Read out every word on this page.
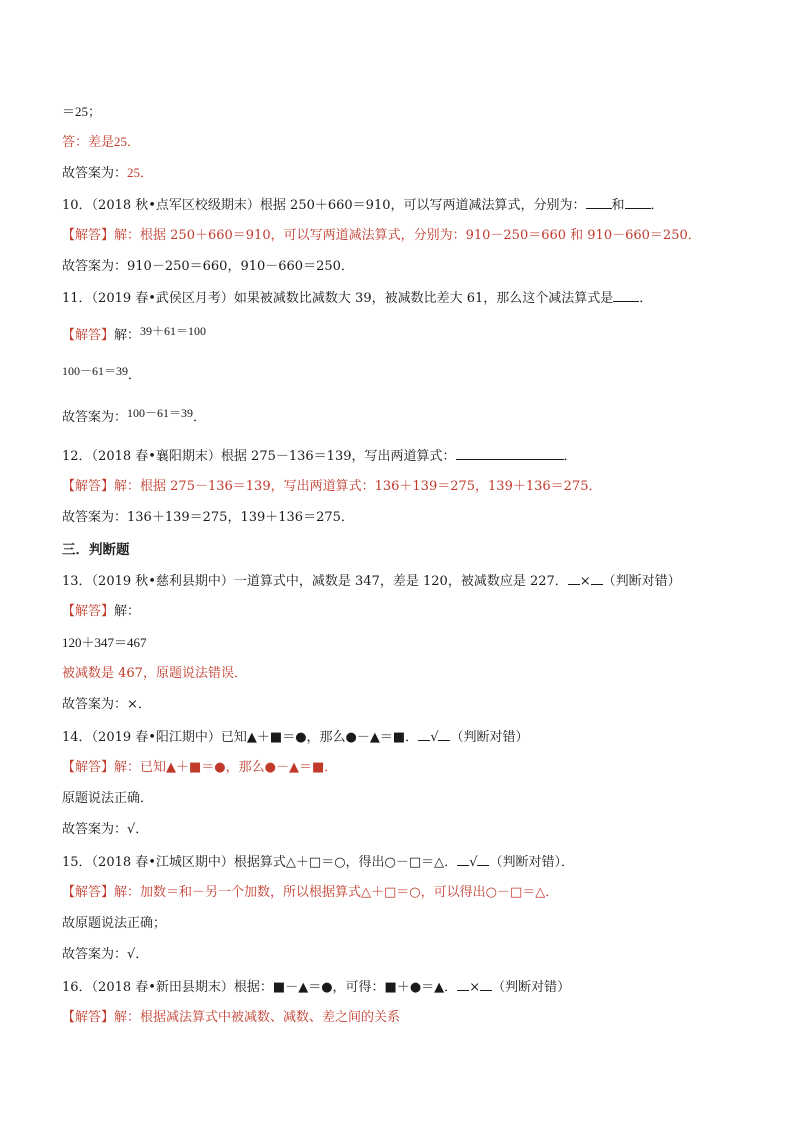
＝25；
答：差是25．
故答案为：25．
10．（2018 秋•点军区校级期末）根据 250＋660＝910，可以写两道减法算式，分别为： 和 ．
【解答】解：根据 250＋660＝910，可以写两道减法算式，分别为：910－250＝660 和 910－660＝250．
故答案为：910－250＝660，910－660＝250．
11．（2019 春•武侯区月考）如果被减数比减数大 39，被减数比差大 61，那么这个减法算式是 ．
【解答】解：39＋61＝100
100－61＝39．
故答案为：100－61＝39．
12．（2018 春•襄阳期末）根据 275－136＝139，写出两道算式：	．
【解答】解：根据 275－136＝139，写出两道算式：136＋139＝275，139＋136＝275．
故答案为：136＋139＝275，139＋136＝275．
三．判断题
13．（2019 秋•慈利县期中）一道算式中，减数是 347，差是 120，被减数应是 227． × （判断对错）
【解答】解：
120＋347＝467
被减数是 467，原题说法错误．
故答案为：×．
14．（2019 春•阳江期中）已知▲＋■＝●，那么●－▲＝■． √ （判断对错）
【解答】解：已知▲＋■＝●，那么●－▲＝■．
原题说法正确．
故答案为：√．
15．（2018 春•江城区期中）根据算式△＋□＝○，得出○－□＝△． √ （判断对错）．
【解答】解：加数＝和－另一个加数，所以根据算式△＋□＝○，可以得出○－□＝△．
故原题说法正确；
故答案为：√．
16．（2018 春•新田县期末）根据：■－▲＝●，可得：■＋●＝▲． × （判断对错）
【解答】解：根据减法算式中被减数、减数、差之间的关系
